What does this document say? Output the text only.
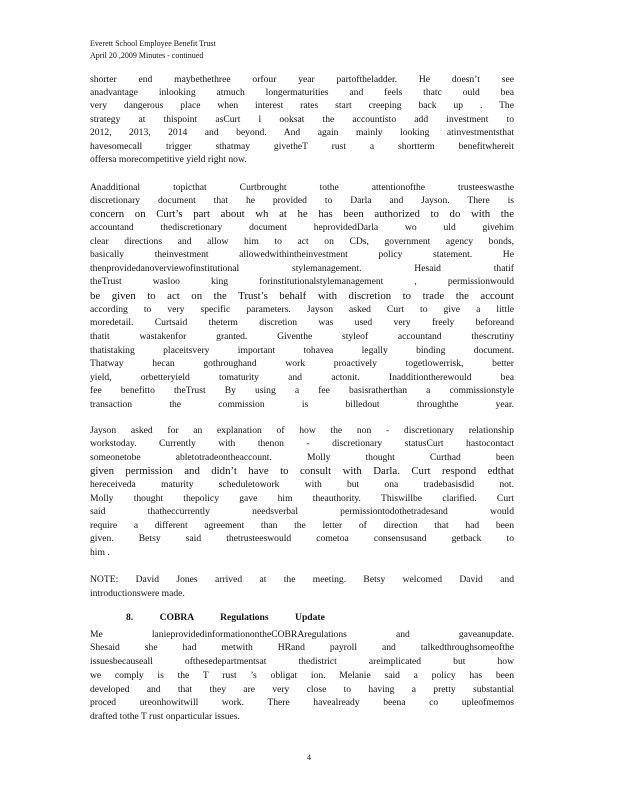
Everett School Employee Benefit Trust
April 20 ,2009 Minutes - continued
shorter end maybethethree orfour year partoftheladder. He doesn’t see
anadvantage inlooking atmuch longermaturities and feels thatc ould bea
very dangerous place when interest rates start creeping back up . The
strategy at thispoint asCurt l ooksat the accountisto add investment to
2012, 2013, 2014 and beyond. And again mainly looking atinvestmentsthat
havesomecall trigger sthatmay givetheT rust a shortterm benefitwhereit
offersa morecompetitive yield right now.
Anadditional topicthat Curtbrought tothe attentionofthe trusteeswasthe
discretionary document that he provided to Darla and Jayson. There is
concern on Curt’s part about wh at he has been authorized to do with the
accountand thediscretionary document heprovidedDarla wo uld givehim
clear directions and allow him to act on CDs, government agency bonds,
basically theinvestment allowedwithintheinvestment policy statement. He
thenprovidedanoverviewofinstitutional stylemanagement. Hesaid thatif
theTrust wasloo king forinstitutionalstylemanagement , permissionwould
be given to act on the Trust’s behalf with discretion to trade the account
according to very specific parameters. Jayson asked Curt to give a little
moredetail. Curtsaid theterm discretion was used very freely beforeand
thatit wastakenfor granted. Giventhe styleof accountand thescrutiny
thatistaking placeitsvery important tohavea legally binding document.
Thatway hecan gothroughand work proactively togetlowerrisk, better
yield, orbetteryield tomaturity and actonit. Inadditiontherewould bea
fee benefitto theTrust By using a fee basisratherthan a commissionstyle
transaction the commission is billedout throughthe year.
Jayson asked for an explanation of how the non - discretionary relationship
workstoday. Currently with thenon - discretionary statusCurt hastocontact
someonetobe abletotradeontheaccount. Molly thought Curthad been
given permission and didn’t have to consult with Darla. Curt respond edthat
hereceiveda maturity scheduletowork with but ona tradebasisdid not.
Molly thought thepolicy gave him theauthority. Thiswillbe clarified. Curt
said thatheccurrently needsverbal permissiontodothetradesand would
require a different agreement than the letter of direction that had been
given. Betsy said thetrusteeswould cometoa consensusand getback to
him .
NOTE: David Jones arrived at the meeting. Betsy welcomed David and
introductionswere made.
8. COBRA Regulations Update
Me lanieprovidedinformationontheCOBRAregulations and gaveanupdate.
Shesaid she had metwith HRand payroll and talkedthroughsomeofthe
issuesbecauseall ofthesedepartmentsat thedistrict areimplicated but how
we comply is the T rust ’s obligat ion. Melanie said a policy has been
developed and that they are very close to having a pretty substantial
proced ureonhowitwill work. There havealready beena co upleofmemos
drafted tothe T rust onparticular issues.
4
